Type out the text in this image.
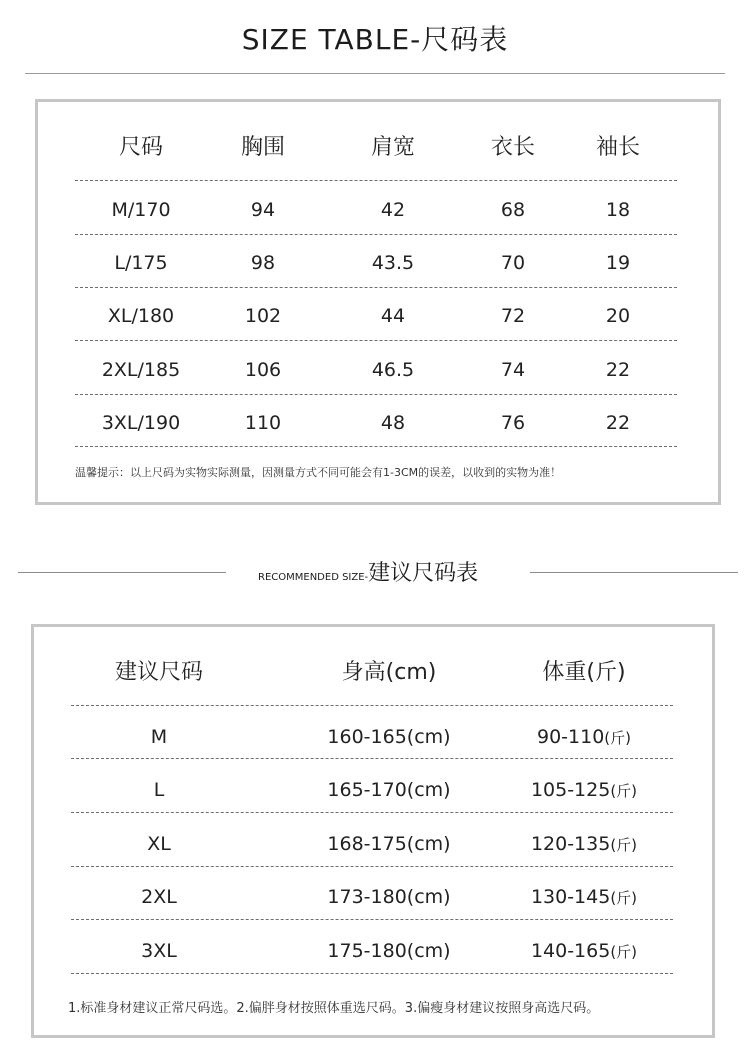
SIZE TABLE-尺码表
尺码	胸围	肩宽	衣长	袖长
M/170	94	42	68	18
L/175	98	43.5	70	19
XL/180	102	44	72	20
2XL/185	106	46.5	74	22
3XL/190	110	48	76	22
温馨提示：以上尺码为实物实际测量，因测量方式不同可能会有1-3CM的误差，以收到的实物为准！
RECOMMENDED SIZE-建议尺码表
建议尺码	身高(cm)	体重(斤)
M	160-165(cm)	90-110(斤)
L	165-170(cm)	105-125(斤)
XL	168-175(cm)	120-135(斤)
2XL	173-180(cm)	130-145(斤)
3XL	175-180(cm)	140-165(斤)
1.标准身材建议正常尺码选。2.偏胖身材按照体重选尺码。3.偏瘦身材建议按照身高选尺码。
